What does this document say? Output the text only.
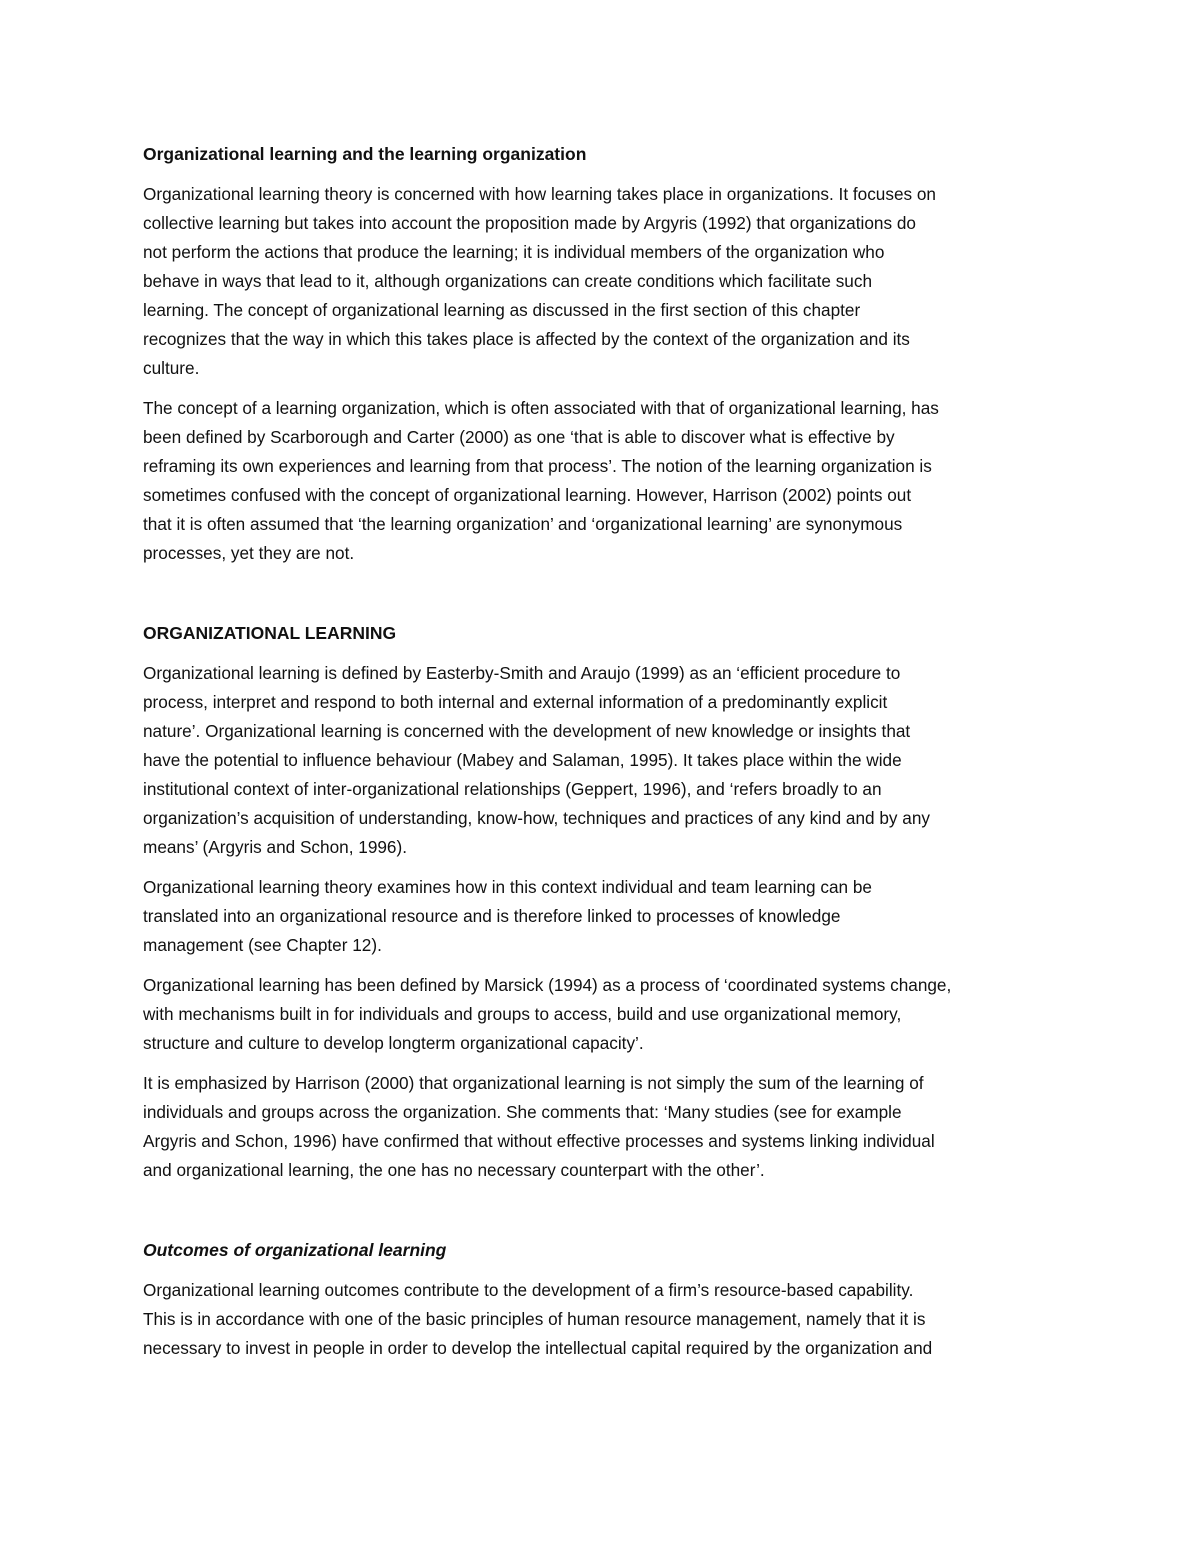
Organizational learning and the learning organization

Organizational learning theory is concerned with how learning takes place in organizations. It focuses on
collective learning but takes into account the proposition made by Argyris (1992) that organizations do
not perform the actions that produce the learning; it is individual members of the organization who
behave in ways that lead to it, although organizations can create conditions which facilitate such
learning. The concept of organizational learning as discussed in the first section of this chapter
recognizes that the way in which this takes place is affected by the context of the organization and its
culture.

The concept of a learning organization, which is often associated with that of organizational learning, has
been defined by Scarborough and Carter (2000) as one ‘that is able to discover what is effective by
reframing its own experiences and learning from that process’. The notion of the learning organization is
sometimes confused with the concept of organizational learning. However, Harrison (2002) points out
that it is often assumed that ‘the learning organization’ and ‘organizational learning’ are synonymous
processes, yet they are not.

ORGANIZATIONAL LEARNING

Organizational learning is defined by Easterby-Smith and Araujo (1999) as an ‘efficient procedure to
process, interpret and respond to both internal and external information of a predominantly explicit
nature’. Organizational learning is concerned with the development of new knowledge or insights that
have the potential to influence behaviour (Mabey and Salaman, 1995). It takes place within the wide
institutional context of inter-organizational relationships (Geppert, 1996), and ‘refers broadly to an
organization’s acquisition of understanding, know-how, techniques and practices of any kind and by any
means’ (Argyris and Schon, 1996).

Organizational learning theory examines how in this context individual and team learning can be
translated into an organizational resource and is therefore linked to processes of knowledge
management (see Chapter 12).

Organizational learning has been defined by Marsick (1994) as a process of ‘coordinated systems change,
with mechanisms built in for individuals and groups to access, build and use organizational memory,
structure and culture to develop longterm organizational capacity’.

It is emphasized by Harrison (2000) that organizational learning is not simply the sum of the learning of
individuals and groups across the organization. She comments that: ‘Many studies (see for example
Argyris and Schon, 1996) have confirmed that without effective processes and systems linking individual
and organizational learning, the one has no necessary counterpart with the other’.

Outcomes of organizational learning

Organizational learning outcomes contribute to the development of a firm’s resource-based capability.
This is in accordance with one of the basic principles of human resource management, namely that it is
necessary to invest in people in order to develop the intellectual capital required by the organization and
